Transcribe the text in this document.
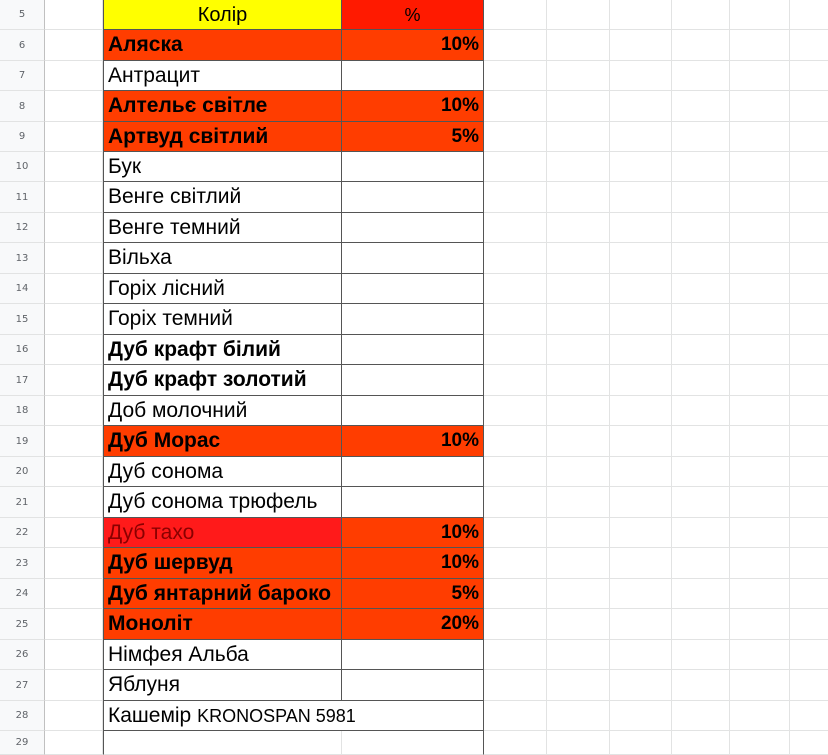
5	Колір	%
6	Аляска	10%
7	Антрацит
8	Алтельє світле	10%
9	Артвуд світлий	5%
10	Бук
11	Венге світлий
12	Венге темний
13	Вільха
14	Горіх лісний
15	Горіх темний
16	Дуб крафт білий
17	Дуб крафт золотий
18	Доб молочний
19	Дуб Морас	10%
20	Дуб сонома
21	Дуб сонома трюфель
22	Дуб тахо	10%
23	Дуб шервуд	10%
24	Дуб янтарний бароко	5%
25	Моноліт	20%
26	Німфея Альба
27	Яблуня
28	Кашемір KRONOSPAN 5981
29
